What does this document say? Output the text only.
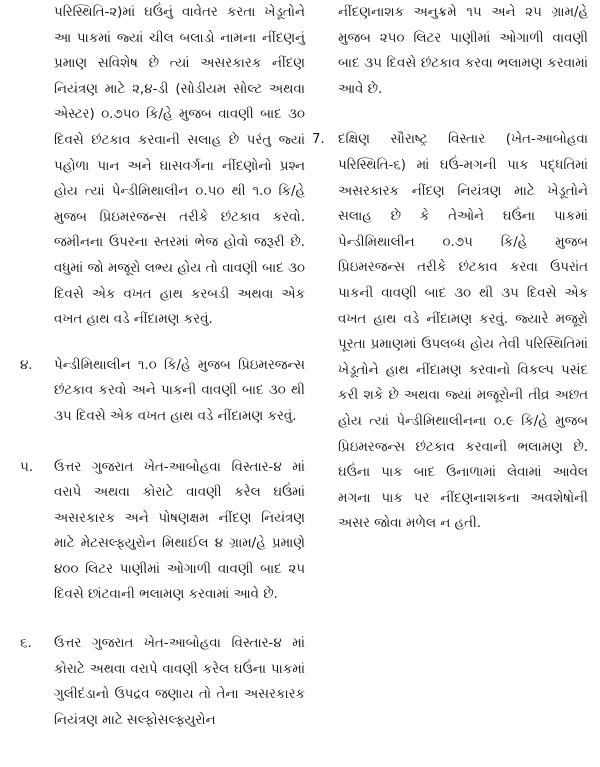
પરિસ્થિતિ-૨)માં ઘઉંનું વાવેતર કરતા ખેડૂતોને આ પાકમાં જ્યાં ચીલ બલાડો નામના નીંદણનું પ્રમાણ સવિશેષ છે ત્યાં અસરકારક નીંદણ નિયંત્રણ માટે ૨,૪-ડી (સોડીયમ સોલ્ટ અથવા એસ્ટર) ૦.૭૫૦ કિ/હે મુજબ વાવણી બાદ ૩૦ દિવસે છંટકાવ કરવાની સલાહ છે પરંતુ જ્યાં પહોળા પાન અને ઘાસવર્ગના નીંદણોનો પ્રશ્ન હોય ત્યાં પેન્ડીમિથાલીન ૦.૫૦ થી ૧.૦ કિ/હે મુજબ પ્રિઇમરજન્સ તરીકે છંટકાવ કરવો. જમીનના ઉપરના સ્તરમાં ભેજ હોવો જરૂરી છે. વધુમાં જો મજૂરો લભ્ય હોય તો વાવણી બાદ ૩૦ દિવસે એક વખત હાથ કરબડી અથવા એક વખત હાથ વડે નીંદામણ કરવું.

૪. પેન્ડીમિથાલીન ૧.૦ કિ/હે મુજબ પ્રિઇમરજન્સ છંટકાવ કરવો અને પાકની વાવણી બાદ ૩૦ થી ૩૫ દિવસે એક વખત હાથ વડે નીંદામણ કરવું.

૫. ઉત્તર ગુજરાત ખેત-આબોહવા વિસ્તાર-૪ માં વરાપે અથવા કોરાટે વાવણી કરેલ ઘઉંમાં અસરકારક અને પોષણક્ષમ નીંદણ નિયંત્રણ માટે મેટસલ્ફ્યુરોન મિથાઈલ ૪ ગ્રામ/હે પ્રમાણે ૪૦૦ લિટર પાણીમાં ઓગાળી વાવણી બાદ ૨૫ દિવસે છાંટવાની ભલામણ કરવામાં આવે છે.

૬. ઉત્તર ગુજરાત ખેત-આબોહવા વિસ્તાર-૪ માં કોરાટે અથવા વરાપે વાવણી કરેલ ઘઉંના પાકમાં ગુલીદંડાનો ઉપદ્રવ જણાય તો તેના અસરકારક નિયંત્રણ માટે સલ્ફોસલ્ફ્યુરોન

નીંદણનાશક અનુક્રમે ૧૫ અને ૨૫ ગ્રામ/હે મુજબ ૨૫૦ લિટર પાણીમાં ઓગાળી વાવણી બાદ ૩૫ દિવસે છંટકાવ કરવા ભલામણ કરવામાં આવે છે.

7. દક્ષિણ સૌરાષ્ટ્ર વિસ્તાર (ખેત-આબોહવા પરિસ્થિતિ-૬) માં ઘઉં-મગની પાક પદ્ધતિમાં અસરકારક નીંદણ નિયંત્રણ માટે ખેડૂતોને સલાહ છે કે તેઓને ઘઉંના પાકમાં પેન્ડીમિથાલીન ૦.૭૫ કિ/હે મુજબ પ્રિઇમરજન્સ તરીકે છંટકાવ કરવા ઉપરાંત પાકની વાવણી બાદ ૩૦ થી ૩૫ દિવસે એક વખત હાથ વડે નીંદામણ કરવું. જ્યારે મજૂરો પૂરતા પ્રમાણમાં ઉપલબ્ધ હોય તેવી પરિસ્થિતિમાં ખેડૂતોને હાથ નીંદામણ કરવાનો વિકલ્પ પસંદ કરી શકે છે અથવા જ્યાં મજૂરોની તીવ્ર અછત હોય ત્યાં પેન્ડીમિથાલીનના ૦.૯ કિ/હે મુજબ પ્રિઇમરજન્સ છંટકાવ કરવાની ભલામણ છે. ઘઉંના પાક બાદ ઉનાળામાં લેવામાં આવેલ મગના પાક પર નીંદણનાશકના અવશેષોની અસર જોવા મળેલ ન હતી.
